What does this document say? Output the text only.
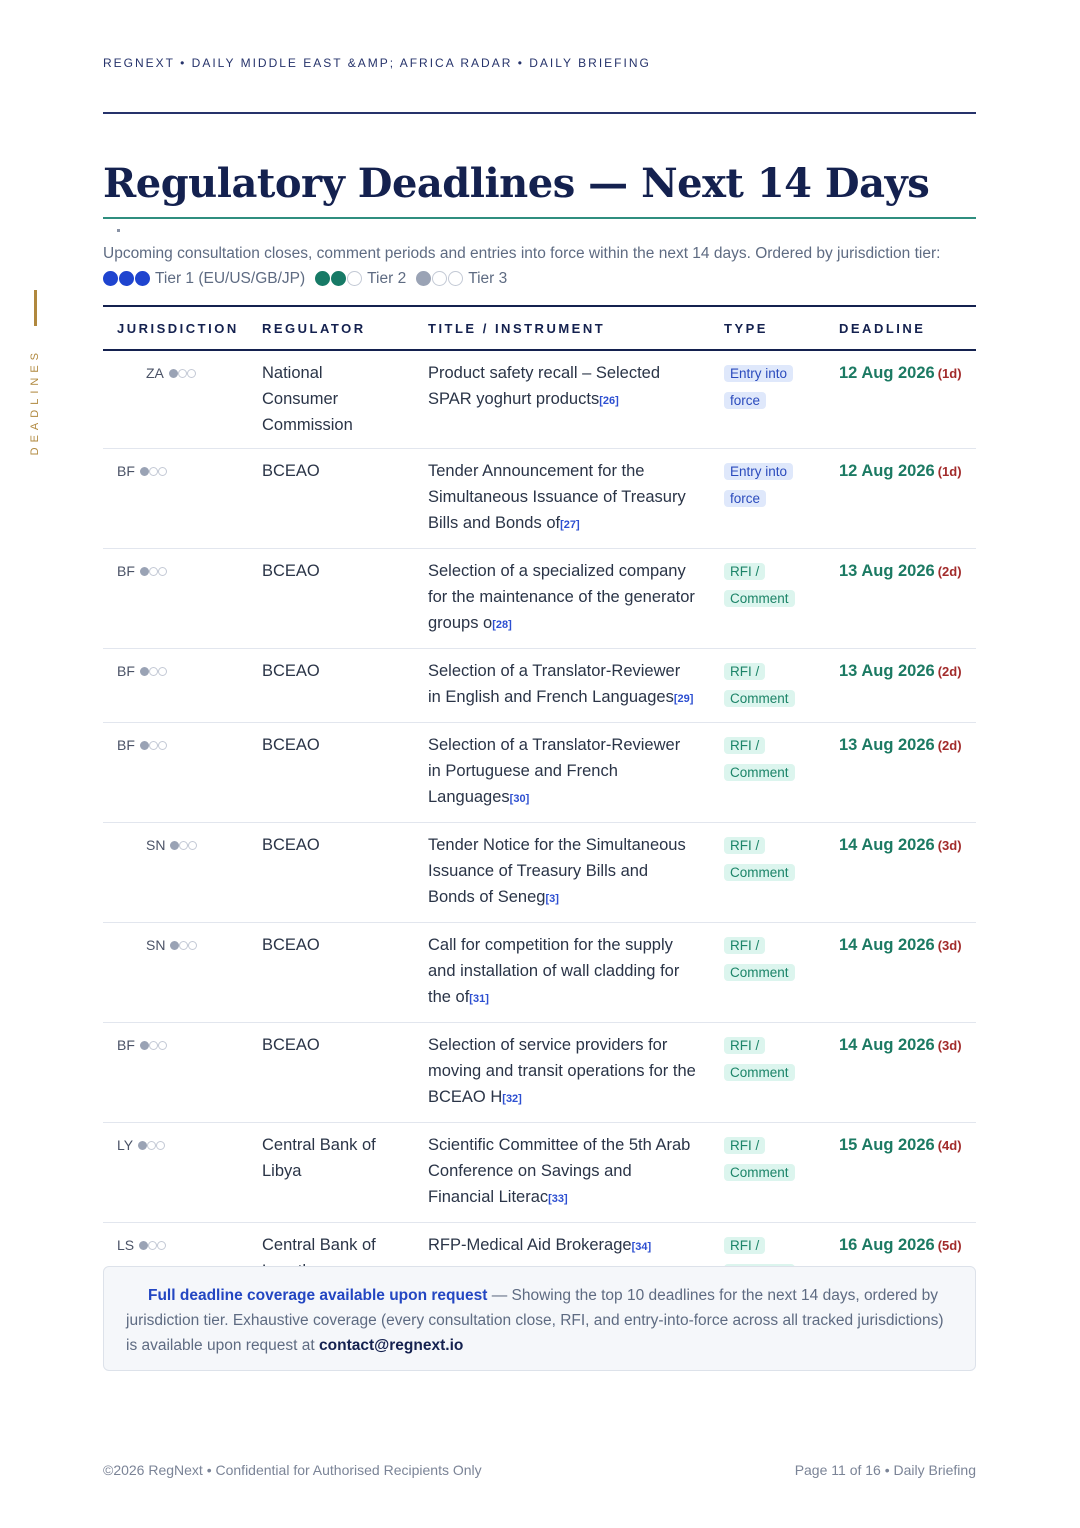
REGNEXT • DAILY MIDDLE EAST &AMP; AFRICA RADAR • DAILY BRIEFING
DEADLINES
Regulatory Deadlines — Next 14 Days
Upcoming consultation closes, comment periods and entries into force within the next 14 days. Ordered by jurisdiction tier:
Tier 1 (EU/US/GB/JP)	Tier 2	Tier 3
JURISDICTION	REGULATOR	TITLE / INSTRUMENT	TYPE	DEADLINE

ZA	National Consumer Commission	Product safety recall – Selected SPAR yoghurt products[26]	Entry into force	12 Aug 2026 (1d)

BF	BCEAO	Tender Announcement for the Simultaneous Issuance of Treasury Bills and Bonds of[27]	Entry into force	12 Aug 2026 (1d)

BF	BCEAO	Selection of a specialized company for the maintenance of the generator groups o[28]	RFI / Comment	13 Aug 2026 (2d)

BF	BCEAO	Selection of a Translator-Reviewer in English and French Languages[29]	RFI / Comment	13 Aug 2026 (2d)

BF	BCEAO	Selection of a Translator-Reviewer in Portuguese and French Languages[30]	RFI / Comment	13 Aug 2026 (2d)

SN	BCEAO	Tender Notice for the Simultaneous Issuance of Treasury Bills and Bonds of Seneg[3]	RFI / Comment	14 Aug 2026 (3d)

SN	BCEAO	Call for competition for the supply and installation of wall cladding for the of[31]	RFI / Comment	14 Aug 2026 (3d)

BF	BCEAO	Selection of service providers for moving and transit operations for the BCEAO H[32]	RFI / Comment	14 Aug 2026 (3d)

LY	Central Bank of Libya	Scientific Committee of the 5th Arab Conference on Savings and Financial Literac[33]	RFI / Comment	15 Aug 2026 (4d)

LS	Central Bank of	RFP-Medical Aid Brokerage[34]	RFI /	16 Aug 2026 (5d)
Full deadline coverage available upon request — Showing the top 10 deadlines for the next 14 days, ordered by jurisdiction tier. Exhaustive coverage (every consultation close, RFI, and entry-into-force across all tracked jurisdictions) is available upon request at contact@regnext.io
©2026 RegNext • Confidential for Authorised Recipients Only	Page 11 of 16 • Daily Briefing
